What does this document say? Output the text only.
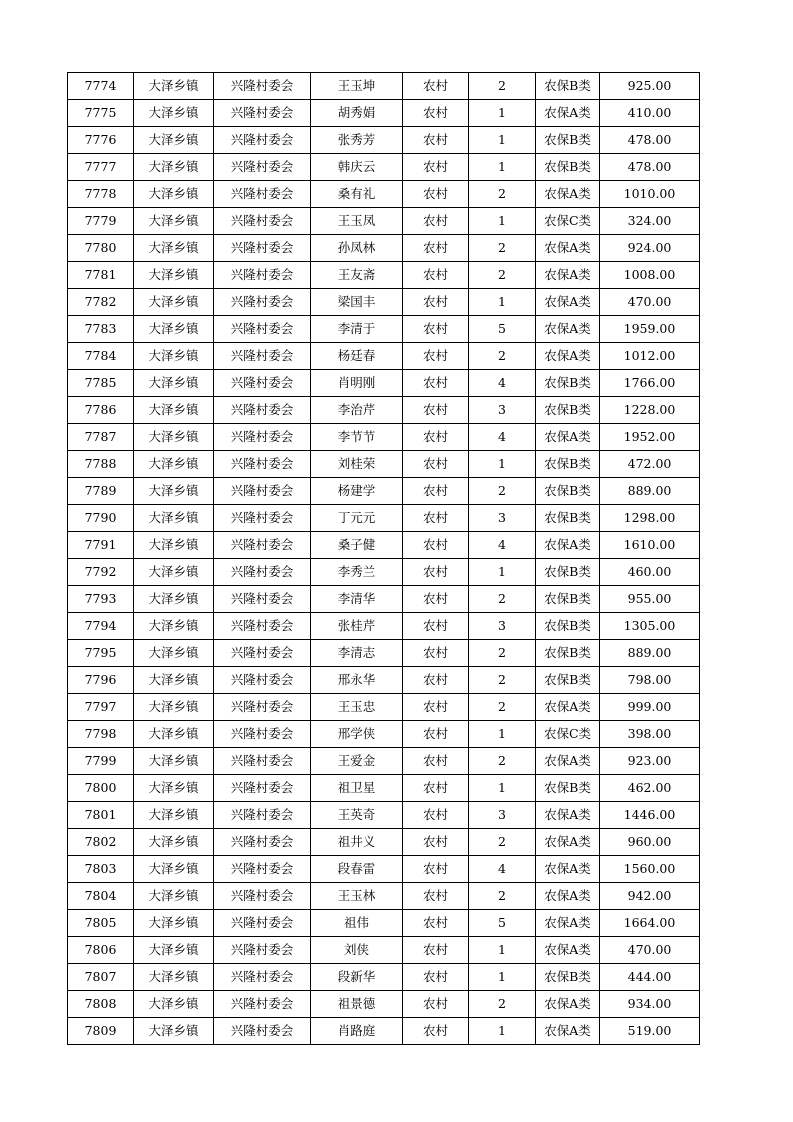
7774	大泽乡镇	兴隆村委会	王玉坤	农村	2	农保B类	925.00
7775	大泽乡镇	兴隆村委会	胡秀娟	农村	1	农保A类	410.00
7776	大泽乡镇	兴隆村委会	张秀芳	农村	1	农保B类	478.00
7777	大泽乡镇	兴隆村委会	韩庆云	农村	1	农保B类	478.00
7778	大泽乡镇	兴隆村委会	桑有礼	农村	2	农保A类	1010.00
7779	大泽乡镇	兴隆村委会	王玉凤	农村	1	农保C类	324.00
7780	大泽乡镇	兴隆村委会	孙凤林	农村	2	农保A类	924.00
7781	大泽乡镇	兴隆村委会	王友斋	农村	2	农保A类	1008.00
7782	大泽乡镇	兴隆村委会	梁国丰	农村	1	农保A类	470.00
7783	大泽乡镇	兴隆村委会	李清于	农村	5	农保A类	1959.00
7784	大泽乡镇	兴隆村委会	杨廷春	农村	2	农保A类	1012.00
7785	大泽乡镇	兴隆村委会	肖明刚	农村	4	农保B类	1766.00
7786	大泽乡镇	兴隆村委会	李治芹	农村	3	农保B类	1228.00
7787	大泽乡镇	兴隆村委会	李节节	农村	4	农保A类	1952.00
7788	大泽乡镇	兴隆村委会	刘桂荣	农村	1	农保B类	472.00
7789	大泽乡镇	兴隆村委会	杨建学	农村	2	农保B类	889.00
7790	大泽乡镇	兴隆村委会	丁元元	农村	3	农保B类	1298.00
7791	大泽乡镇	兴隆村委会	桑子健	农村	4	农保A类	1610.00
7792	大泽乡镇	兴隆村委会	李秀兰	农村	1	农保B类	460.00
7793	大泽乡镇	兴隆村委会	李清华	农村	2	农保B类	955.00
7794	大泽乡镇	兴隆村委会	张桂芹	农村	3	农保B类	1305.00
7795	大泽乡镇	兴隆村委会	李清志	农村	2	农保B类	889.00
7796	大泽乡镇	兴隆村委会	邢永华	农村	2	农保B类	798.00
7797	大泽乡镇	兴隆村委会	王玉忠	农村	2	农保A类	999.00
7798	大泽乡镇	兴隆村委会	邢学侠	农村	1	农保C类	398.00
7799	大泽乡镇	兴隆村委会	王爱金	农村	2	农保A类	923.00
7800	大泽乡镇	兴隆村委会	祖卫星	农村	1	农保B类	462.00
7801	大泽乡镇	兴隆村委会	王英奇	农村	3	农保A类	1446.00
7802	大泽乡镇	兴隆村委会	祖井义	农村	2	农保A类	960.00
7803	大泽乡镇	兴隆村委会	段春雷	农村	4	农保A类	1560.00
7804	大泽乡镇	兴隆村委会	王玉林	农村	2	农保A类	942.00
7805	大泽乡镇	兴隆村委会	祖伟	农村	5	农保A类	1664.00
7806	大泽乡镇	兴隆村委会	刘侠	农村	1	农保A类	470.00
7807	大泽乡镇	兴隆村委会	段新华	农村	1	农保B类	444.00
7808	大泽乡镇	兴隆村委会	祖景德	农村	2	农保A类	934.00
7809	大泽乡镇	兴隆村委会	肖路庭	农村	1	农保A类	519.00
